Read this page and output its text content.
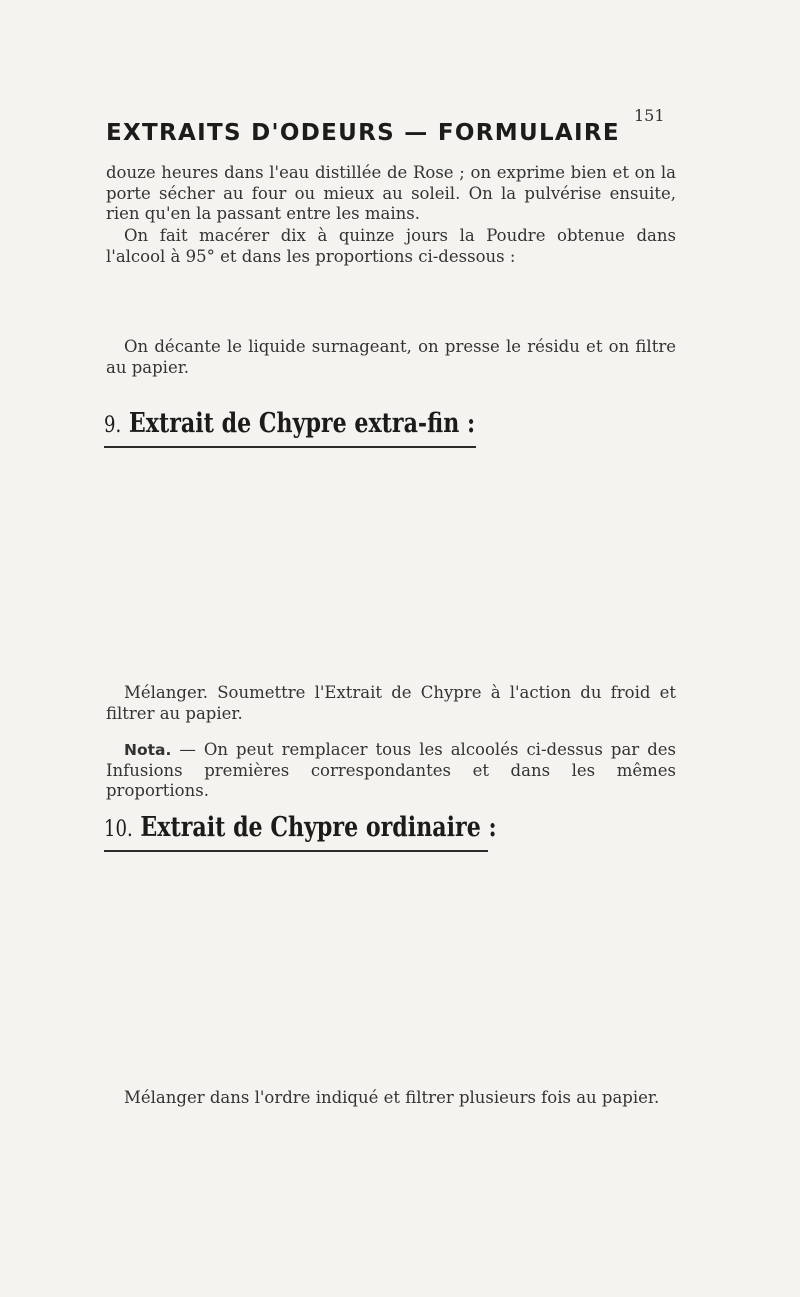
151
EXTRAITS D'ODEURS — FORMULAIRE
douze heures dans l'eau distillée de Rose ; on exprime bien et on la porte sécher au four ou mieux au soleil. On la pulvérise ensuite, rien qu'en la passant entre les mains.
On fait macérer dix à quinze jours la Poudre obtenue dans l'alcool à 95° et dans les proportions ci-dessous :
On décante le liquide surnageant, on presse le résidu et on filtre au papier.
9. Extrait de Chypre extra-fin :
Mélanger. Soumettre l'Extrait de Chypre à l'action du froid et filtrer au papier.
Nota. — On peut remplacer tous les alcoolés ci-dessus par des Infusions premières correspondantes et dans les mêmes proportions.
10. Extrait de Chypre ordinaire :
Mélanger dans l'ordre indiqué et filtrer plusieurs fois au papier.
